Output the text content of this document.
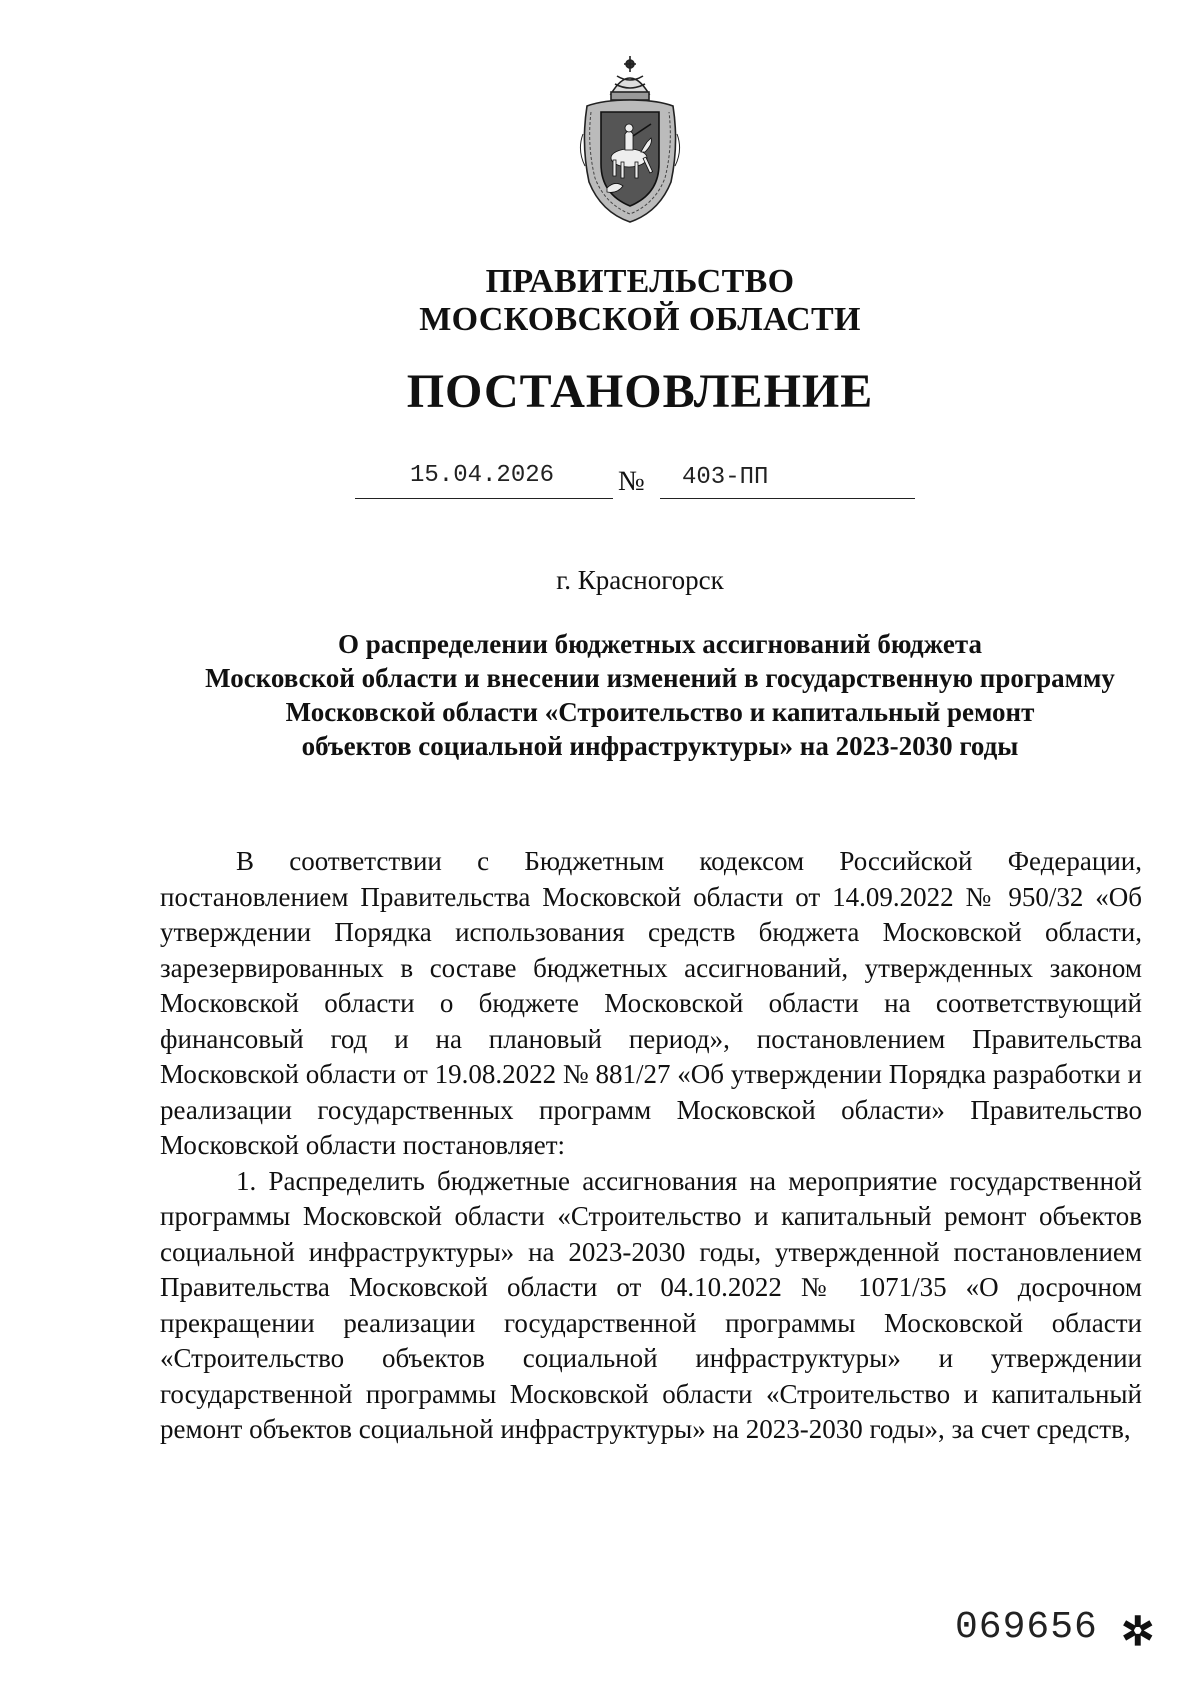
ПРАВИТЕЛЬСТВО
МОСКОВСКОЙ ОБЛАСТИ
ПОСТАНОВЛЕНИЕ
15.04.2026 № 403-ПП
г. Красногорск
О распределении бюджетных ассигнований бюджета
Московской области и внесении изменений в государственную программу
Московской области «Строительство и капитальный ремонт
объектов социальной инфраструктуры» на 2023-2030 годы

В соответствии с Бюджетным кодексом Российской Федерации, постановлением Правительства Московской области от 14.09.2022 № 950/32 «Об утверждении Порядка использования средств бюджета Московской области, зарезервированных в составе бюджетных ассигнований, утвержденных законом Московской области о бюджете Московской области на соответствующий финансовый год и на плановый период», постановлением Правительства Московской области от 19.08.2022 № 881/27 «Об утверждении Порядка разработки и реализации государственных программ Московской области» Правительство Московской области постановляет:

1. Распределить бюджетные ассигнования на мероприятие государственной программы Московской области «Строительство и капитальный ремонт объектов социальной инфраструктуры» на 2023-2030 годы, утвержденной постановлением Правительства Московской области от 04.10.2022 № 1071/35 «О досрочном прекращении реализации государственной программы Московской области «Строительство объектов социальной инфраструктуры» и утверждении государственной программы Московской области «Строительство и капитальный ремонт объектов социальной инфраструктуры» на 2023-2030 годы», за счет средств,

069656 ✲
